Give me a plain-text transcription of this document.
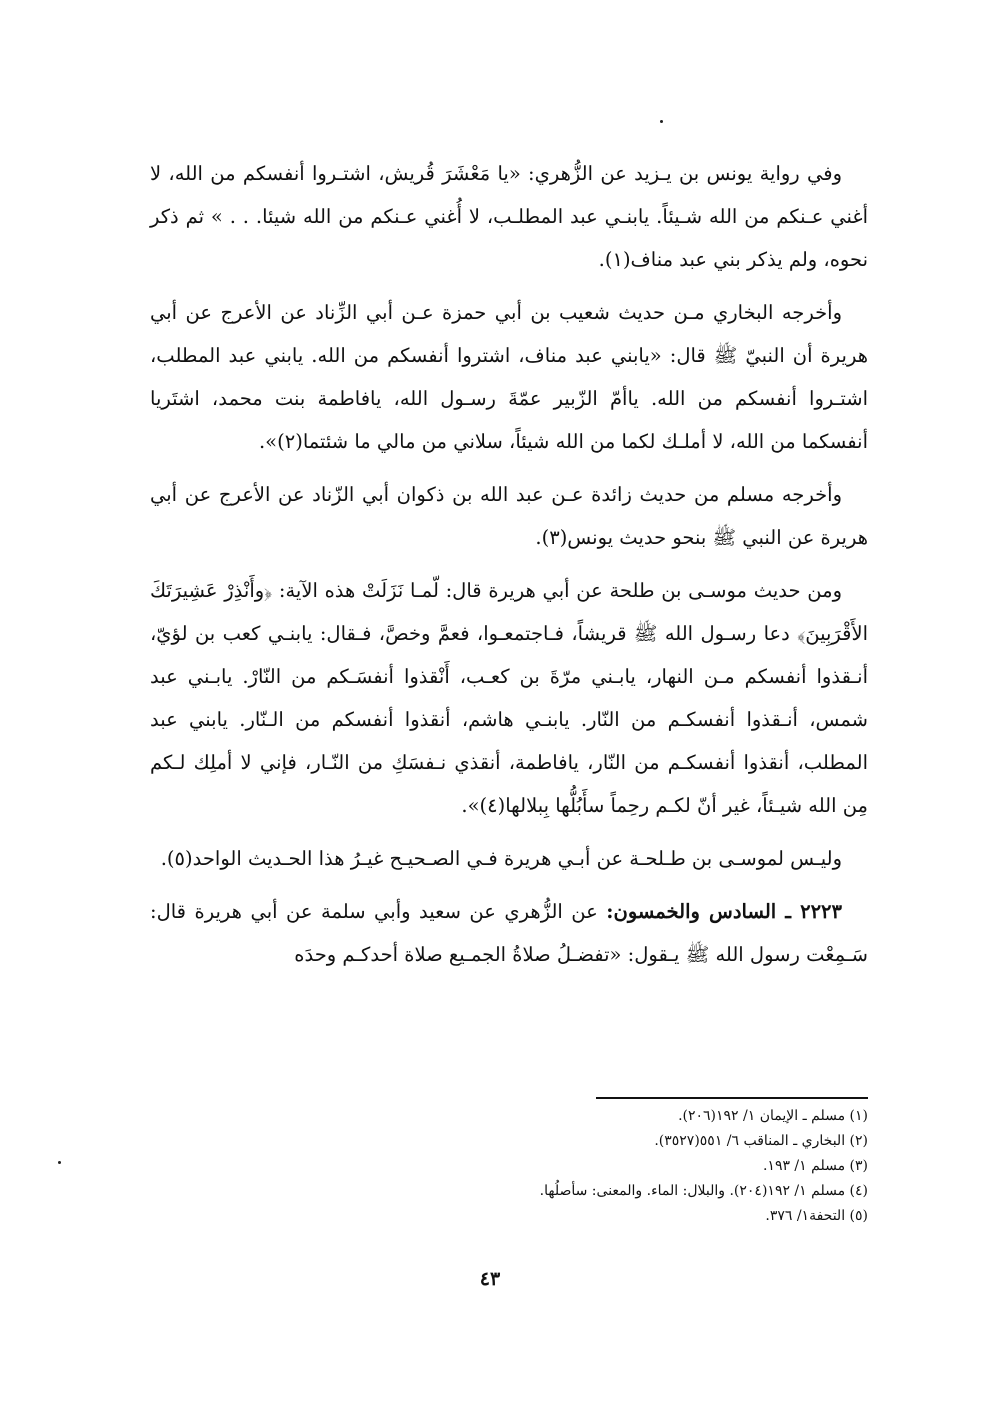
وفي رواية يونس بن يـزيد عن الزُّهري: «يا مَعْشَرَ قُريش، اشتـروا أنفسكم من الله، لا أغني عـنكم من الله شـيئاً. يابنـي عبد المطلـب، لا أُغني عـنكم من الله شيئا. . . » ثم ذكر نحوه، ولم يذكر بني عبد مناف(١).

وأخرجه البخاري مـن حديث شعيب بن أبي حمزة عـن أبي الزِّناد عن الأعرج عن أبي هريرة أن النبيّ ﷺ قال: «يابني عبد مناف، اشتروا أنفسكم من الله. يابني عبد المطلب، اشتـروا أنفسكم من الله. ياأمّ الزّبير عمّةَ رسـول الله، يافاطمة بنت محمد، اشتَريا أنفسكما من الله، لا أملـك لكما من الله شيئاً، سلاني من مالي ما شئتما(٢)».

وأخرجه مسلم من حديث زائدة عـن عبد الله بن ذكوان أبي الزّناد عن الأعرج عن أبي هريرة عن النبي ﷺ بنحو حديث يونس(٣).

ومن حديث موسـى بن طلحة عن أبي هريرة قال: لّمـا نَزَلَتْ هذه الآية: ﴿وأَنْذِرْ عَشِيرَتَكَ الأَقْرَبِينَ﴾ دعا رسـول الله ﷺ قريشاً، فـاجتمعـوا، فعمَّ وخصَّ، فـقال: يابنـي كعب بن لؤيّ، أنـقذوا أنفسكم مـن النهار، يابـني مرّةَ بن كعـب، أَنْقذوا أنفسَـكم من النّارْ. يابـني عبد شمس، أنـقذوا أنفسكـم من النّار. يابنـي هاشم، أنقذوا أنفسكم من الـنّار. يابني عبد المطلب، أنقذوا أنفسكـم من النّار، يافاطمة، أنقذي نـفسَكِ من النّـار، فإني لا أملِك لـكم مِن الله شيـئاً، غير أنّ لكـم رحِماً سأَبُلُّها بِبلالها(٤)».

وليـس لموسـى بن طـلحـة عن أبـي هريرة فـي الصـحيـح غيـرُ هذا الحـديث الواحد(٥).

٢٢٢٣ ـ السادس والخمسون: عن الزُّهري عن سعيد وأبي سلمة عن أبي هريرة قال: سَـمِعْت رسول الله ﷺ يـقول: «تفضـلُ صلاةُ الجمـيع صلاة أحدكـم وحدَه

(١) مسلم ـ الإيمان ١/ ١٩٢(٢٠٦).
(٢) البخاري ـ المناقب ٦/ ٥٥١(٣٥٢٧).
(٣) مسلم ١/ ١٩٣.
(٤) مسلم ١/ ١٩٢(٢٠٤). والبلال: الماء. والمعنى: سأصلُها.
(٥) التحفة١/ ٣٧٦.
٤٣
